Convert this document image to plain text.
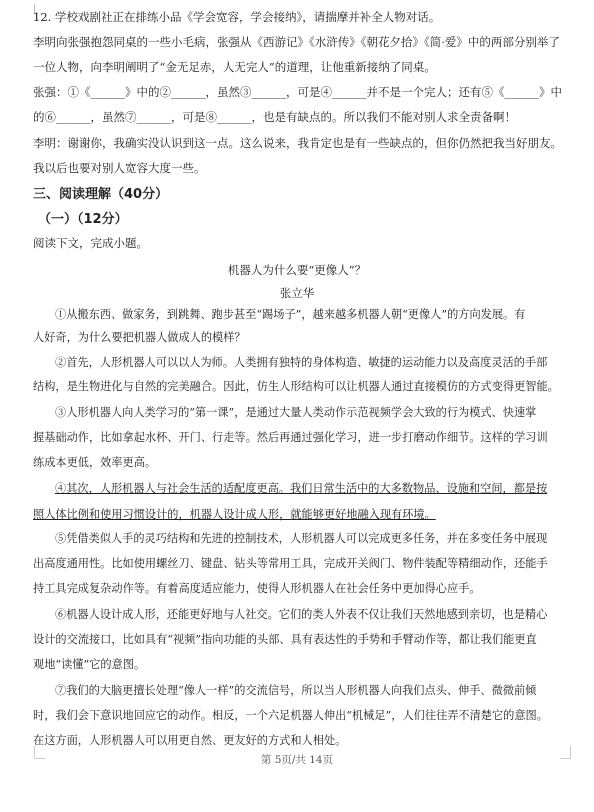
12. 学校戏剧社正在排练小品《学会宽容，学会接纳》，请揣摩并补全人物对话。
李明向张强抱怨同桌的一些小毛病，张强从《西游记》《水浒传》《朝花夕拾》《简·爱》中的两部分别举了
一位人物，向李明阐明了“金无足赤，人无完人”的道理，让他重新接纳了同桌。
张强：①《______》中的②______，虽然③______，可是④______并不是一个完人；还有⑤《______》中
的⑥______，虽然⑦______，可是⑧______，也是有缺点的。所以我们不能对别人求全责备啊！
李明：谢谢你，我确实没认识到这一点。这么说来，我肯定也是有一些缺点的，但你仍然把我当好朋友。
我以后也要对别人宽容大度一些。
三、阅读理解（40分）
（一）（12分）
阅读下文，完成小题。
机器人为什么要“更像人”？
张立华
①从搬东西、做家务，到跳舞、跑步甚至“踢场子”，越来越多机器人朝“更像人”的方向发展。有
人好奇，为什么要把机器人做成人的模样？
②首先，人形机器人可以以人为师。人类拥有独特的身体构造、敏捷的运动能力以及高度灵活的手部
结构，是生物进化与自然的完美融合。因此，仿生人形结构可以让机器人通过直接模仿的方式变得更智能。
③人形机器人向人类学习的“第一课”，是通过大量人类动作示范视频学会大致的行为模式、快速掌
握基础动作，比如拿起水杯、开门、行走等。然后再通过强化学习，进一步打磨动作细节。这样的学习训
练成本更低，效率更高。
④其次，人形机器人与社会生活的适配度更高。我们日常生活中的大多数物品、设施和空间，都是按
照人体比例和使用习惯设计的，机器人设计成人形，就能够更好地融入现有环境。
⑤凭借类似人手的灵巧结构和先进的控制技术，人形机器人可以完成更多任务，并在多变任务中展现
出高度通用性。比如使用螺丝刀、键盘、钻头等常用工具，完成开关阀门、物件装配等精细动作，还能手
持工具完成复杂动作等。有着高度适应能力，使得人形机器人在社会任务中更加得心应手。
⑥机器人设计成人形，还能更好地与人社交。它们的类人外表不仅让我们天然地感到亲切，也是精心
设计的交流接口，比如具有“视频”指向功能的头部、具有表达性的手势和手臂动作等，都让我们能更直
观地“读懂”它的意图。
⑦我们的大脑更擅长处理“像人一样”的交流信号，所以当人形机器人向我们点头、伸手、微微前倾
时，我们会下意识地回应它的动作。相反，一个六足机器人伸出“机械足”，人们往往弄不清楚它的意图。
在这方面，人形机器人可以用更自然、更友好的方式和人相处。
第 5页/共 14页
